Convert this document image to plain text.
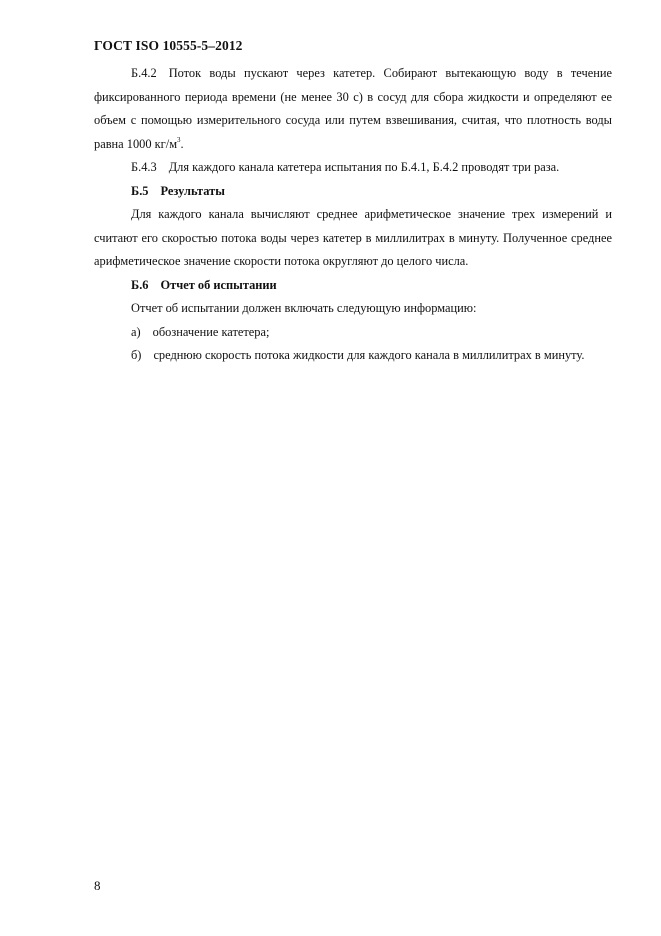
ГОСТ ISO 10555-5–2012

Б.4.2 Поток воды пускают через катетер. Собирают вытекающую воду в течение фиксированного периода времени (не менее 30 с) в сосуд для сбора жидкости и определяют ее объем с помощью измерительного сосуда или путем взвешивания, считая, что плотность воды равна 1000 $кг/м^3$.

Б.4.3 Для каждого канала катетера испытания по Б.4.1, Б.4.2 проводят три раза.

Б.5 Результаты

Для каждого канала вычисляют среднее арифметическое значение трех измерений и считают его скоростью потока воды через катетер в миллилитрах в минуту. Полученное среднее арифметическое значение скорости потока округляют до целого числа.

Б.6 Отчет об испытании

Отчет об испытании должен включать следующую информацию:

а) обозначение катетера;

б) среднюю скорость потока жидкости для каждого канала в миллилитрах в минуту.

8
